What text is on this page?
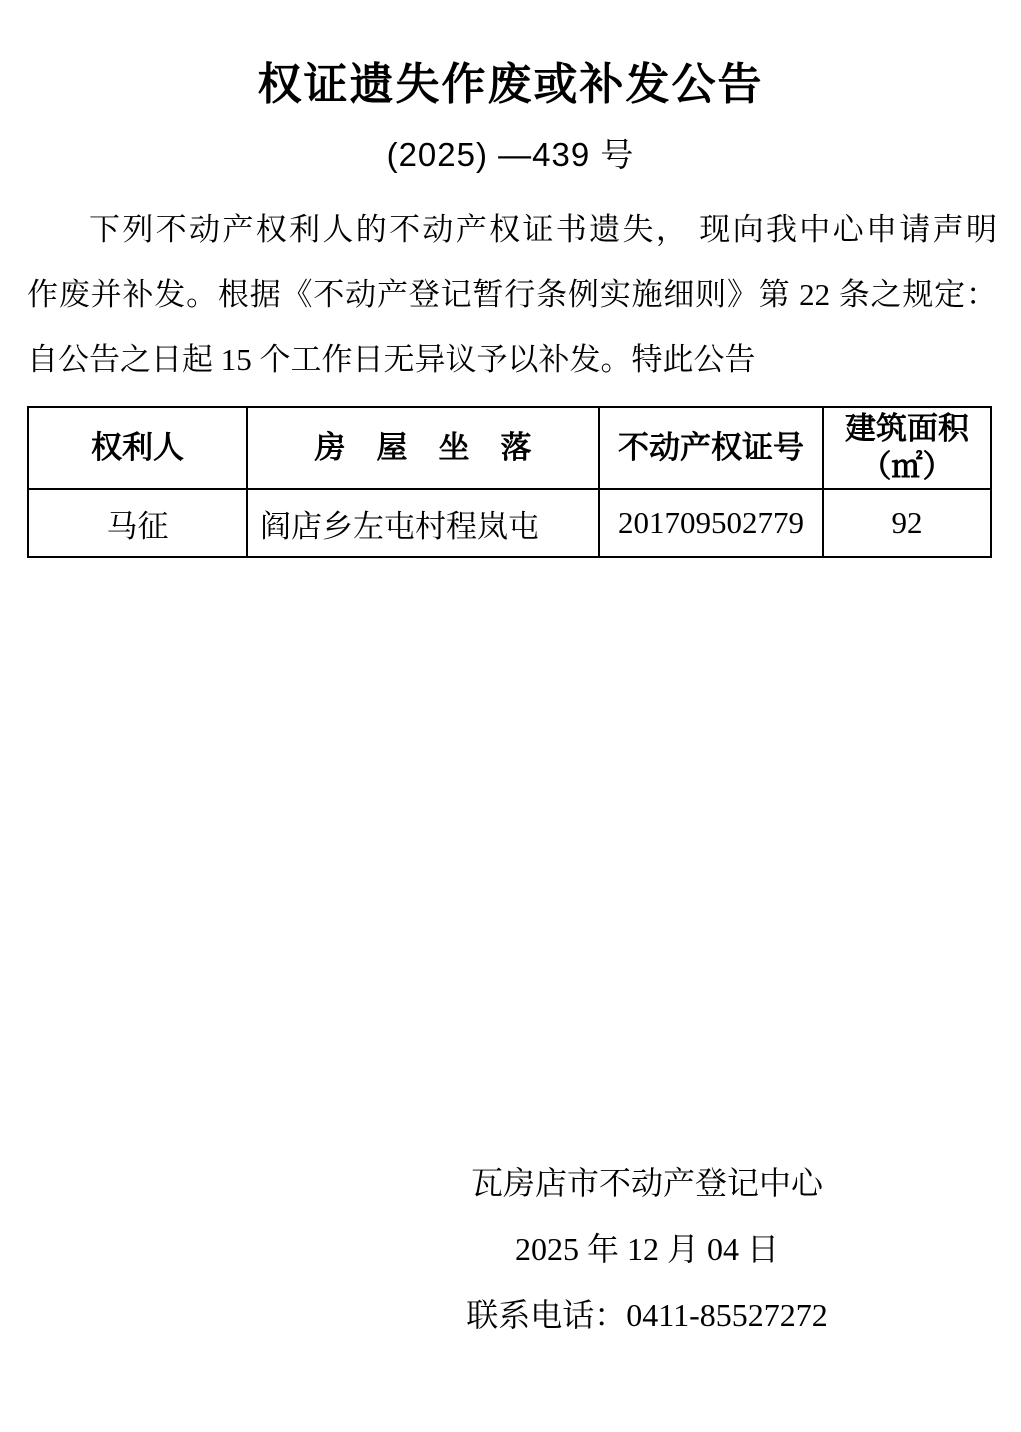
权证遗失作废或补发公告
(2025) —439 号
下列不动产权利人的不动产权证书遗失， 现向我中心申请声明
作废并补发。根据《不动产登记暂行条例实施细则》第 22 条之规定：
自公告之日起 15 个工作日无异议予以补发。特此公告
权利人	房　屋　坐　落	不动产权证号	建筑面积
（㎡）

马征	阎店乡左屯村程岚屯	201709502779	92
瓦房店市不动产登记中心
2025 年 12 月 04 日
联系电话：0411-85527272
